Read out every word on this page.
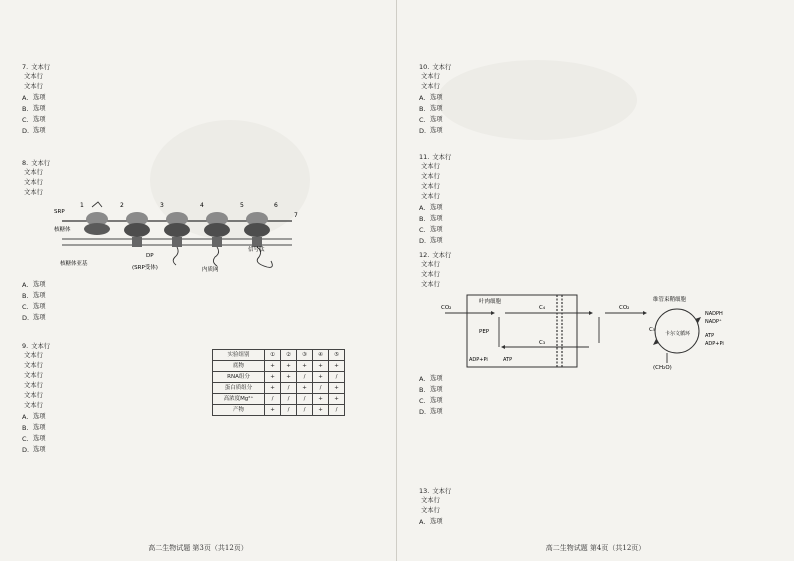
7. 文本行
文本行
文本行
A. 选项
B. 选项
C. 选项
D. 选项
8. 文本行
文本行
文本行
文本行
1	2	3	4	5	6
7
核糖体
SRP
DP
内质网
核糖体亚基
信号肽
(SRP受体)
A. 选项
B. 选项
C. 选项
D. 选项
9. 文本行
文本行
文本行
文本行
文本行
文本行
文本行
A. 选项
B. 选项
C. 选项
D. 选项
实验组别	①	②	③	④	⑤
底物	+	+	+	+	+
RNA组分	+	+	/	+	/
蛋白质组分	+	/	+	/	+
高浓度Mg²⁺	/	/	/	+	+
产物	+	/	/	+	/
高二生物试题 第3页（共12页）
10. 文本行
文本行
文本行
A. 选项
B. 选项
C. 选项
D. 选项
11. 文本行
文本行
文本行
文本行
文本行
A. 选项
B. 选项
C. 选项
D. 选项
12. 文本行
文本行
文本行
文本行
CO₂	C₄
C₃
PEP
ATP
ADP+Pi
CO₂
C₅
NADPH
NADP⁺
ATP
ADP+Pi
(CH₂O)
叶肉细胞	维管束鞘细胞
卡尔文循环
A. 选项
B. 选项
C. 选项
D. 选项
13. 文本行
文本行
文本行
A. 选项
高二生物试题 第4页（共12页）
